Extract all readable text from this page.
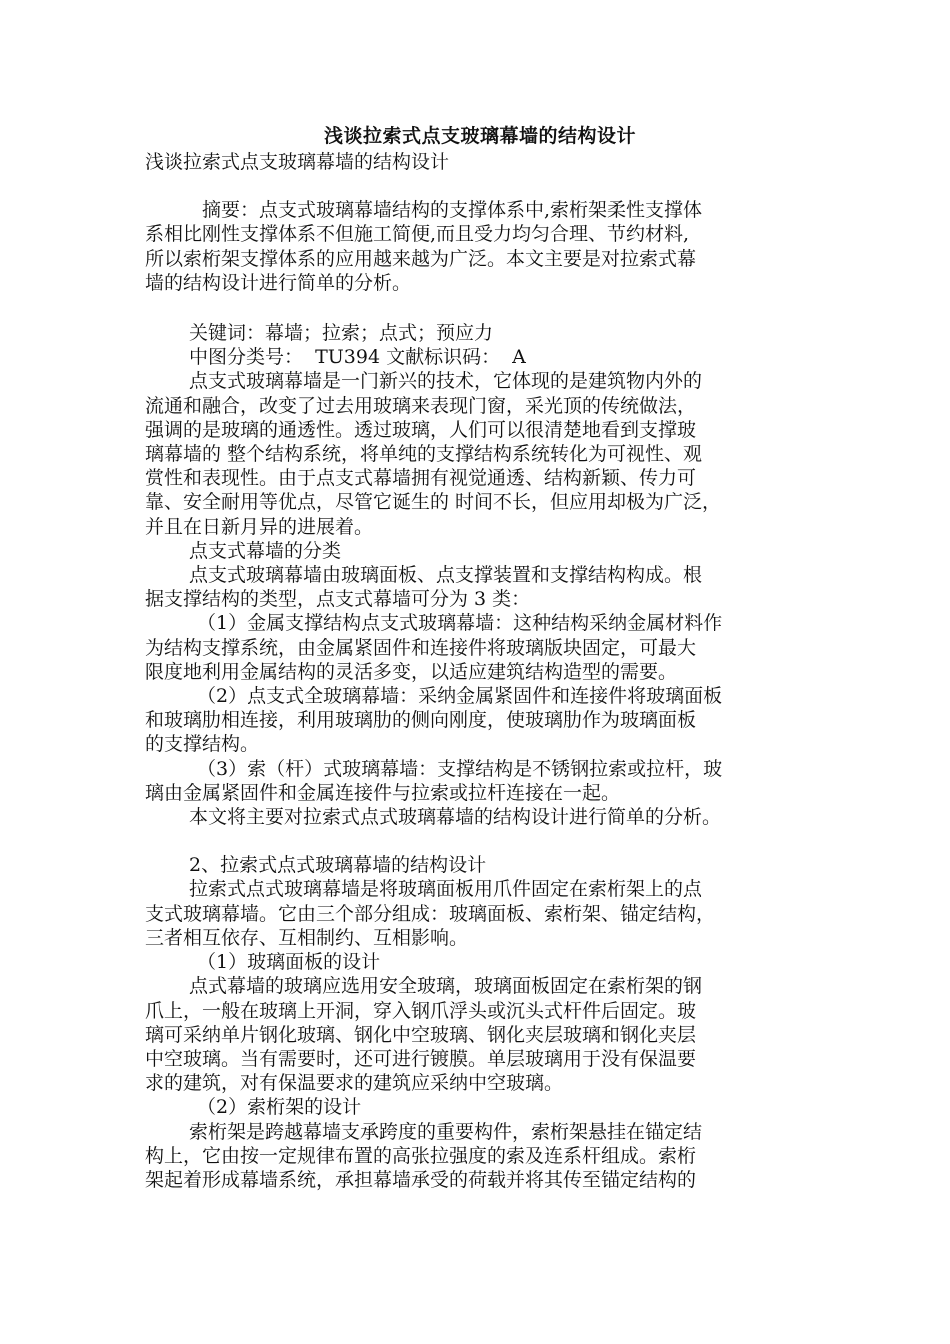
浅谈拉索式点支玻璃幕墙的结构设计
浅谈拉索式点支玻璃幕墙的结构设计
摘要：点支式玻璃幕墙结构的支撑体系中,索桁架柔性支撑体
系相比刚性支撑体系不但施工简便,而且受力均匀合理、节约材料,
所以索桁架支撑体系的应用越来越为广泛。本文主要是对拉索式幕
墙的结构设计进行简单的分析。
关键词：幕墙；拉索；点式；预应力
中图分类号：  TU394 文献标识码：  A
点支式玻璃幕墙是一门新兴的技术，它体现的是建筑物内外的
流通和融合，改变了过去用玻璃来表现门窗，采光顶的传统做法，
强调的是玻璃的通透性。透过玻璃，人们可以很清楚地看到支撑玻
璃幕墙的 整个结构系统，将单纯的支撑结构系统转化为可视性、观
赏性和表现性。由于点支式幕墙拥有视觉通透、结构新颖、传力可
靠、安全耐用等优点，尽管它诞生的 时间不长，但应用却极为广泛，
并且在日新月异的进展着。
点支式幕墙的分类
点支式玻璃幕墙由玻璃面板、点支撑装置和支撑结构构成。根
据支撑结构的类型，点支式幕墙可分为 3 类：
（1）金属支撑结构点支式玻璃幕墙：这种结构采纳金属材料作
为结构支撑系统，由金属紧固件和连接件将玻璃版块固定，可最大
限度地利用金属结构的灵活多变，以适应建筑结构造型的需要。
（2）点支式全玻璃幕墙：采纳金属紧固件和连接件将玻璃面板
和玻璃肋相连接，利用玻璃肋的侧向刚度，使玻璃肋作为玻璃面板
的支撑结构。
（3）索（杆）式玻璃幕墙：支撑结构是不锈钢拉索或拉杆，玻
璃由金属紧固件和金属连接件与拉索或拉杆连接在一起。
本文将主要对拉索式点式玻璃幕墙的结构设计进行简单的分析。
2、拉索式点式玻璃幕墙的结构设计
拉索式点式玻璃幕墙是将玻璃面板用爪件固定在索桁架上的点
支式玻璃幕墙。它由三个部分组成：玻璃面板、索桁架、锚定结构，
三者相互依存、互相制约、互相影响。
（1）玻璃面板的设计
点式幕墙的玻璃应选用安全玻璃，玻璃面板固定在索桁架的钢
爪上，一般在玻璃上开洞，穿入钢爪浮头或沉头式杆件后固定。玻
璃可采纳单片钢化玻璃、钢化中空玻璃、钢化夹层玻璃和钢化夹层
中空玻璃。当有需要时，还可进行镀膜。单层玻璃用于没有保温要
求的建筑，对有保温要求的建筑应采纳中空玻璃。
（2）索桁架的设计
索桁架是跨越幕墙支承跨度的重要构件，索桁架悬挂在锚定结
构上，它由按一定规律布置的高张拉强度的索及连系杆组成。索桁
架起着形成幕墙系统，承担幕墙承受的荷载并将其传至锚定结构的
